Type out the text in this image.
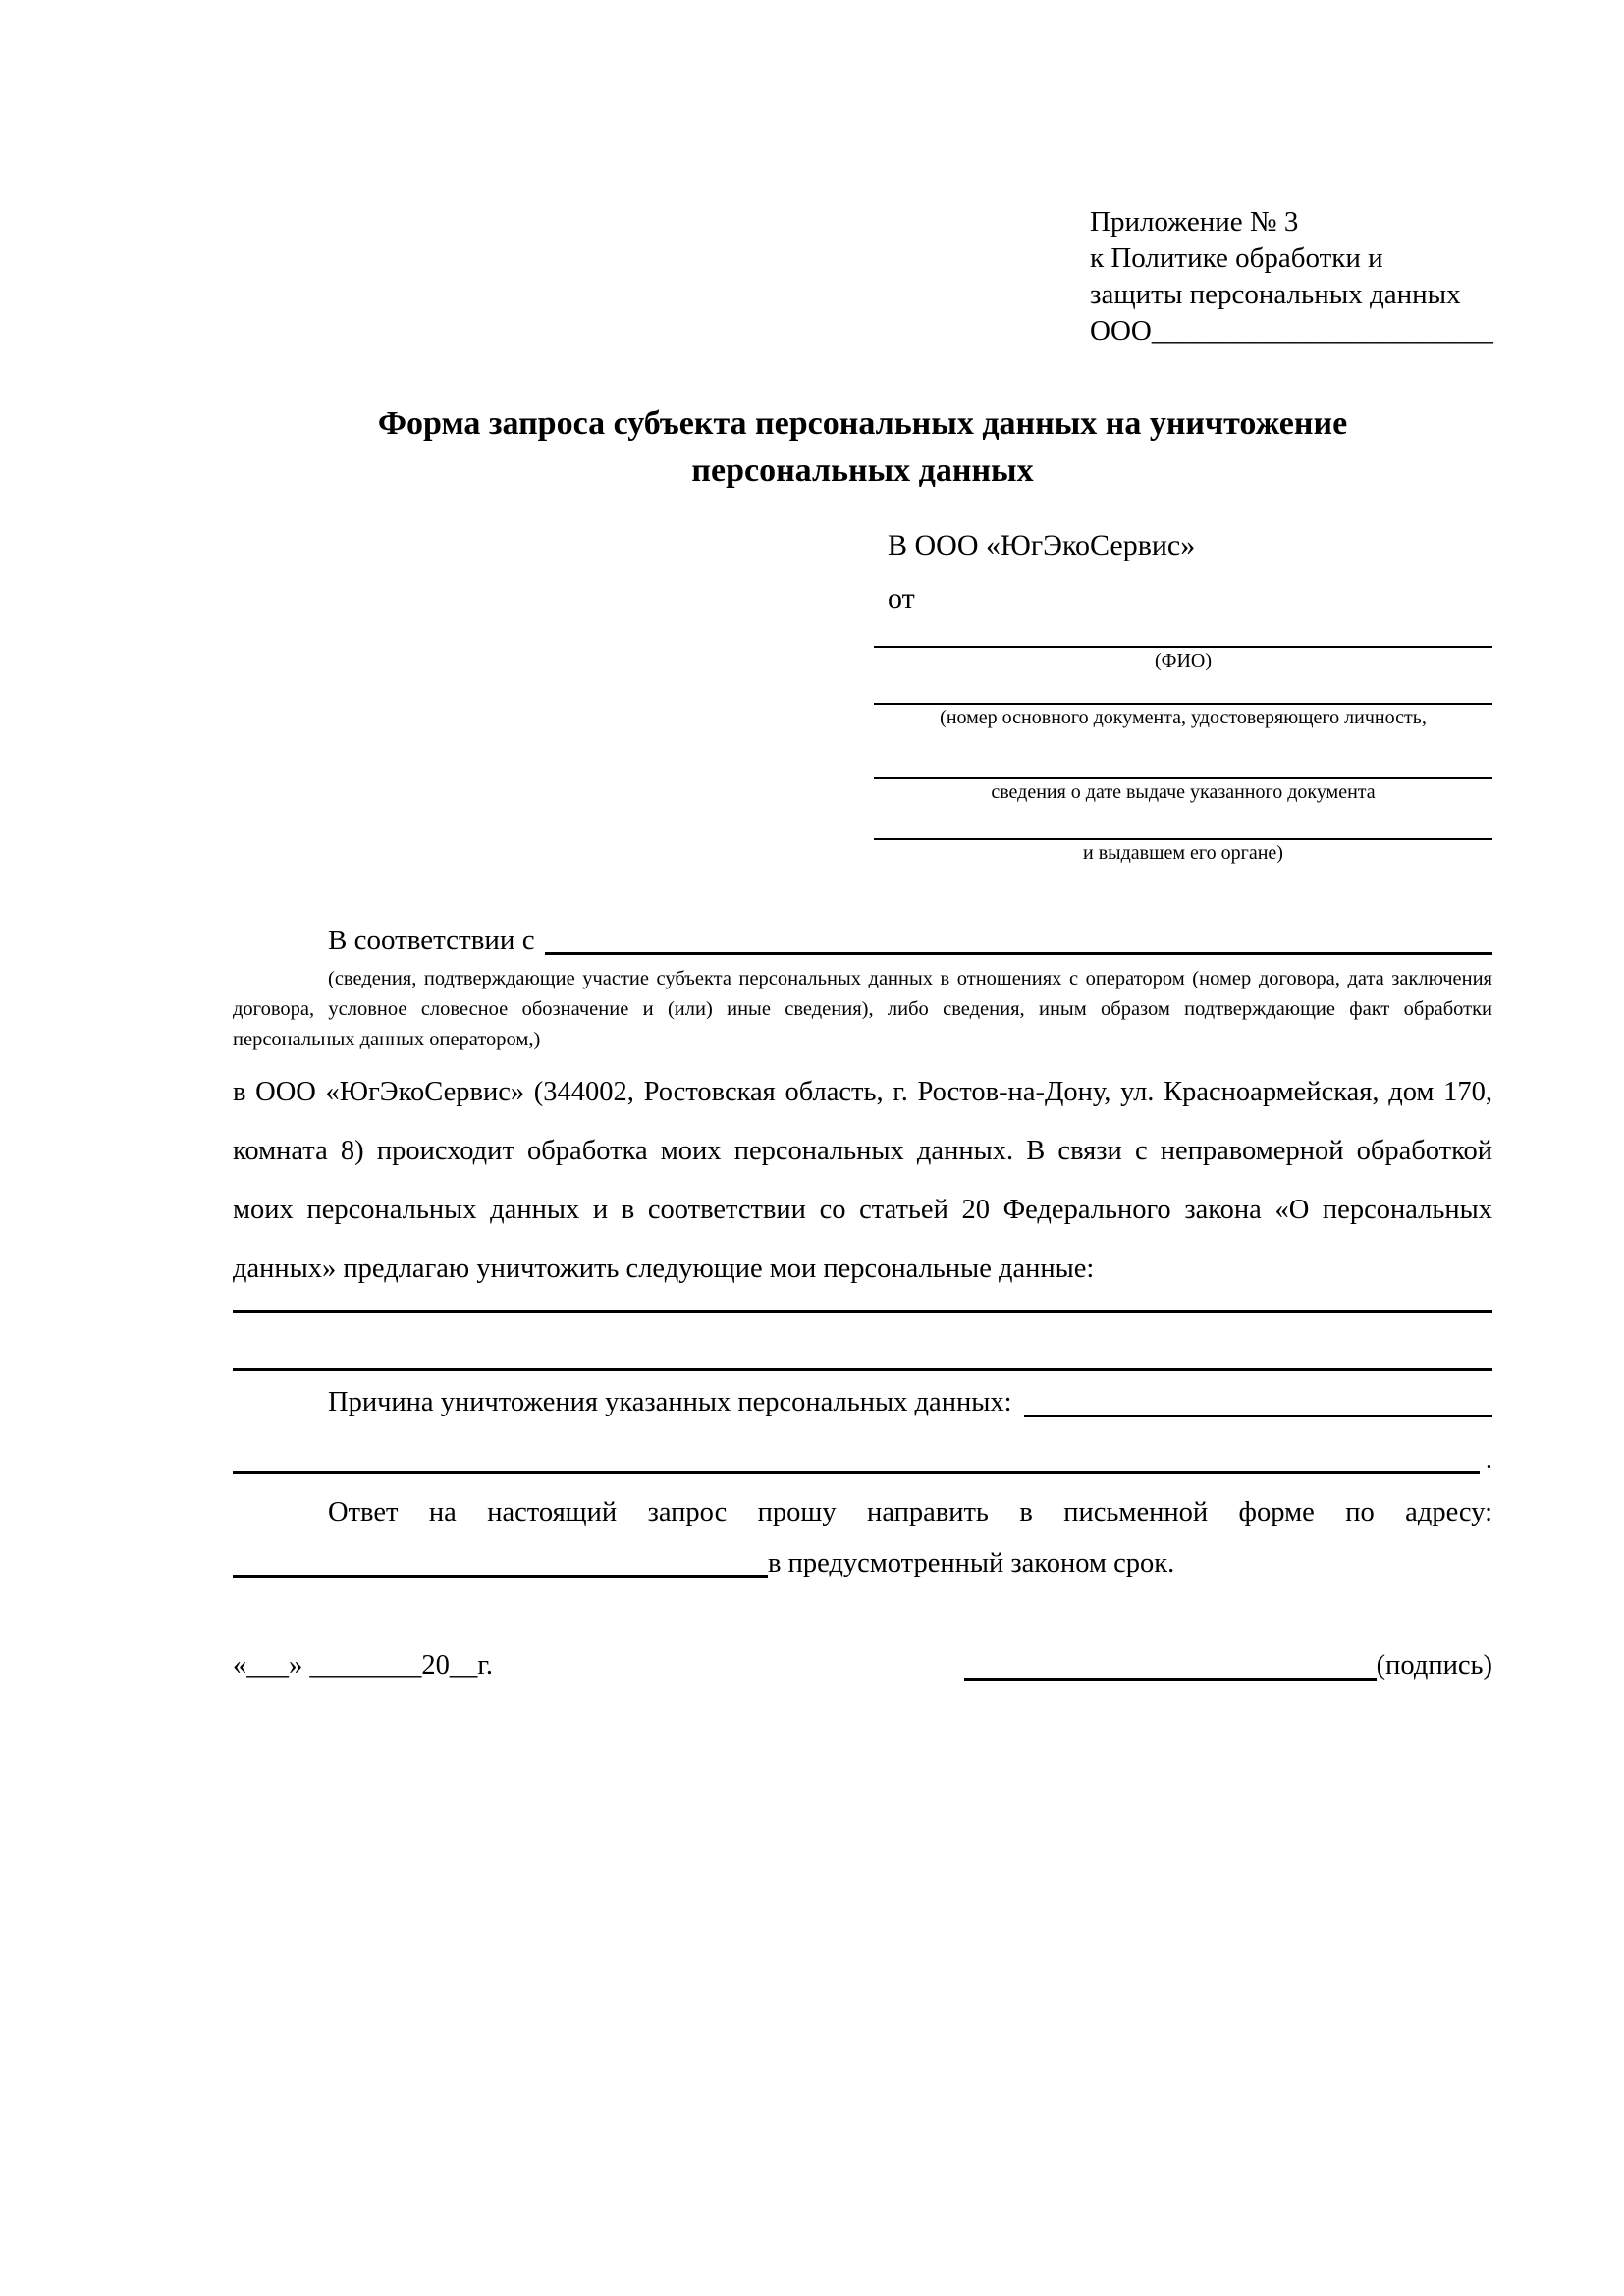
Приложение № 3
к Политике обработки и
защиты персональных данных
ООО________________________
Форма запроса субъекта персональных данных на уничтожение персональных данных
В ООО «ЮгЭкоСервис»
от
(ФИО)
(номер основного документа, удостоверяющего личность,
сведения о дате выдаче указанного документа
и выдавшем его органе)
В соответствии с
(сведения, подтверждающие участие субъекта персональных данных в отношениях с оператором (номер договора, дата заключения договора, условное словесное обозначение и (или) иные сведения), либо сведения, иным образом подтверждающие факт обработки персональных данных оператором,)
в ООО «ЮгЭкоСервис» (344002, Ростовская область, г. Ростов-на-Дону, ул. Красноармейская, дом 170, комната 8) происходит обработка моих персональных данных. В связи с неправомерной обработкой моих персональных данных и в соответствии со статьей 20 Федерального закона «О персональных данных» предлагаю уничтожить следующие мои персональные данные:
Причина уничтожения указанных персональных данных:
.
Ответ на настоящий запрос прошу направить в письменной форме по адресу:
в предусмотренный законом срок.
«___» ________20__г.	(подпись)
